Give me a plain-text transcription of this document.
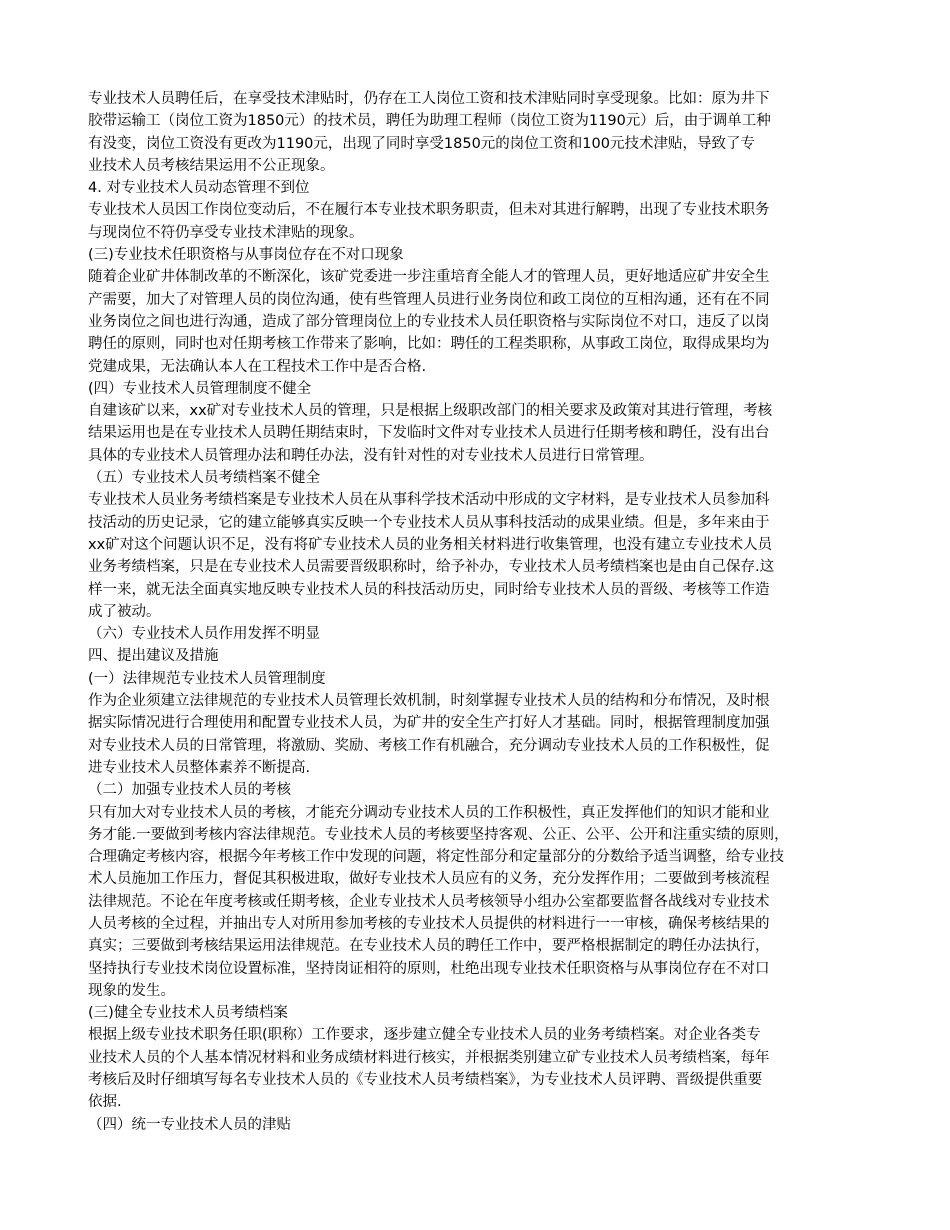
专业技术人员聘任后，在享受技术津贴时，仍存在工人岗位工资和技术津贴同时享受现象。比如：原为井下
胶带运输工（岗位工资为1850元）的技术员，聘任为助理工程师（岗位工资为1190元）后，由于调单工种
有没变，岗位工资没有更改为1190元，出现了同时享受1850元的岗位工资和100元技术津贴，导致了专
业技术人员考核结果运用不公正现象。
4. 对专业技术人员动态管理不到位
专业技术人员因工作岗位变动后，不在履行本专业技术职务职责，但未对其进行解聘，出现了专业技术职务
与现岗位不符仍享受专业技术津贴的现象。
(三)专业技术任职资格与从事岗位存在不对口现象
随着企业矿井体制改革的不断深化，该矿党委进一步注重培育全能人才的管理人员，更好地适应矿井安全生
产需要，加大了对管理人员的岗位沟通，使有些管理人员进行业务岗位和政工岗位的互相沟通，还有在不同
业务岗位之间也进行沟通，造成了部分管理岗位上的专业技术人员任职资格与实际岗位不对口，违反了以岗
聘任的原则，同时也对任期考核工作带来了影响，比如：聘任的工程类职称，从事政工岗位，取得成果均为
党建成果，无法确认本人在工程技术工作中是否合格.
(四）专业技术人员管理制度不健全
自建该矿以来，xx矿对专业技术人员的管理，只是根据上级职改部门的相关要求及政策对其进行管理，考核
结果运用也是在专业技术人员聘任期结束时，下发临时文件对专业技术人员进行任期考核和聘任，没有出台
具体的专业技术人员管理办法和聘任办法，没有针对性的对专业技术人员进行日常管理。
（五）专业技术人员考绩档案不健全
专业技术人员业务考绩档案是专业技术人员在从事科学技术活动中形成的文字材料，是专业技术人员参加科
技活动的历史记录，它的建立能够真实反映一个专业技术人员从事科技活动的成果业绩。但是，多年来由于
xx矿对这个问题认识不足，没有将矿专业技术人员的业务相关材料进行收集管理，也没有建立专业技术人员
业务考绩档案，只是在专业技术人员需要晋级职称时，给予补办，专业技术人员考绩档案也是由自己保存.这
样一来，就无法全面真实地反映专业技术人员的科技活动历史，同时给专业技术人员的晋级、考核等工作造
成了被动。
（六）专业技术人员作用发挥不明显
四、提出建议及措施
(一）法律规范专业技术人员管理制度
作为企业须建立法律规范的专业技术人员管理长效机制，时刻掌握专业技术人员的结构和分布情况，及时根
据实际情况进行合理使用和配置专业技术人员，为矿井的安全生产打好人才基础。同时，根据管理制度加强
对专业技术人员的日常管理，将激励、奖励、考核工作有机融合，充分调动专业技术人员的工作积极性，促
进专业技术人员整体素养不断提高.
（二）加强专业技术人员的考核
只有加大对专业技术人员的考核，才能充分调动专业技术人员的工作积极性，真正发挥他们的知识才能和业
务才能.一要做到考核内容法律规范。专业技术人员的考核要坚持客观、公正、公平、公开和注重实绩的原则，
合理确定考核内容，根据今年考核工作中发现的问题，将定性部分和定量部分的分数给予适当调整，给专业技
术人员施加工作压力，督促其积极进取，做好专业技术人员应有的义务，充分发挥作用；二要做到考核流程
法律规范。不论在年度考核或任期考核，企业专业技术人员考核领导小组办公室都要监督各战线对专业技术
人员考核的全过程，并抽出专人对所用参加考核的专业技术人员提供的材料进行一一审核，确保考核结果的
真实；三要做到考核结果运用法律规范。在专业技术人员的聘任工作中，要严格根据制定的聘任办法执行，
坚持执行专业技术岗位设置标准，坚持岗证相符的原则，杜绝出现专业技术任职资格与从事岗位存在不对口
现象的发生。
(三)健全专业技术人员考绩档案
根据上级专业技术职务任职(职称）工作要求，逐步建立健全专业技术人员的业务考绩档案。对企业各类专
业技术人员的个人基本情况材料和业务成绩材料进行核实，并根据类别建立矿专业技术人员考绩档案，每年
考核后及时仔细填写每名专业技术人员的《专业技术人员考绩档案》，为专业技术人员评聘、晋级提供重要
依据.
（四）统一专业技术人员的津贴
